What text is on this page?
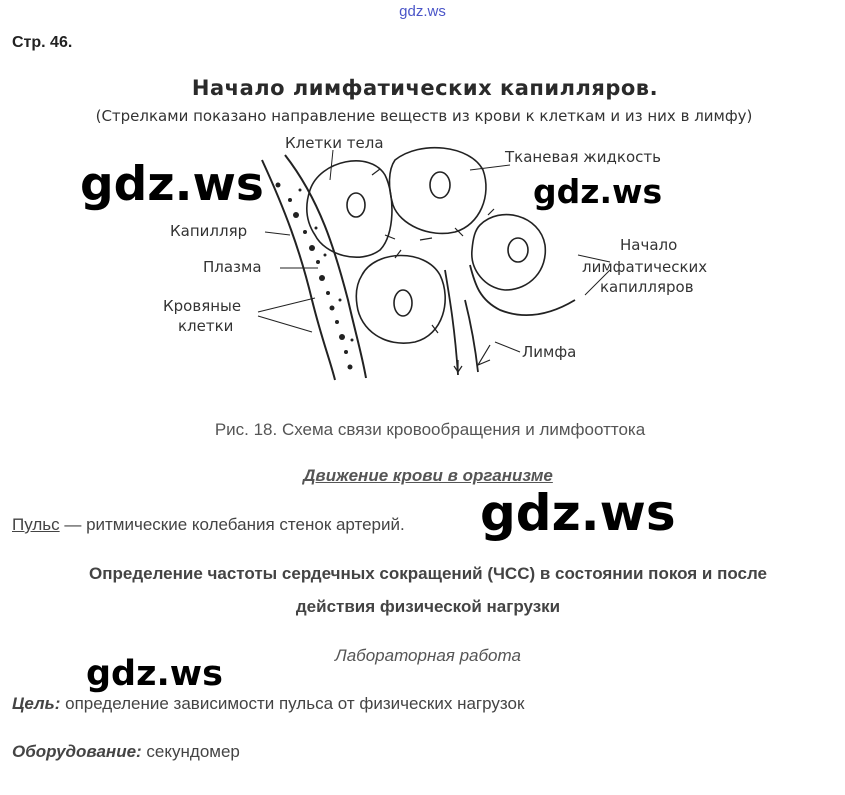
gdz.ws
Стр. 46.
Начало лимфатических капилляров.
(Стрелками показано направление веществ из крови к клеткам и из них в лимфу)
Клетки тела
Тканевая жидкость
Капилляр
Плазма
Кровяные
клетки
Начало
лимфатических
капилляров
Лимфа
Рис. 18. Схема связи кровообращения и лимфооттока
Движение крови в организме
Пульс — ритмические колебания стенок артерий.
Определение частоты сердечных сокращений (ЧСС) в состоянии покоя и после
действия физической нагрузки
Лабораторная работа
Цель: определение зависимости пульса от физических нагрузок
Оборудование: секундомер
gdz.ws	gdz.ws
gdz.ws
gdz.ws
